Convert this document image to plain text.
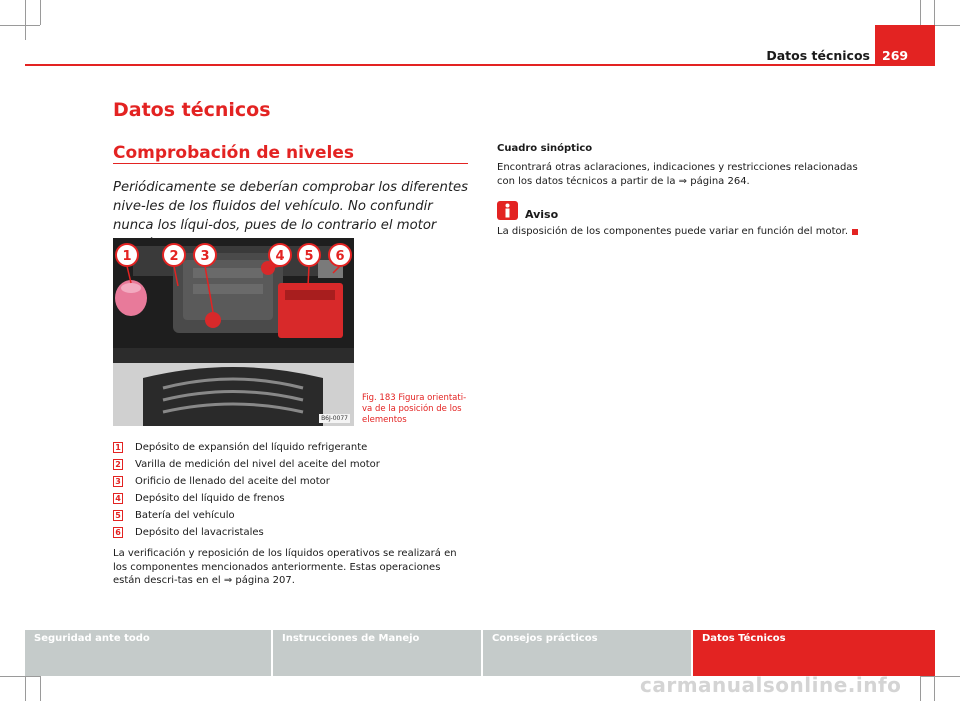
Datos técnicos 269
Datos técnicos
Comprobación de niveles

Periódicamente se deberían comprobar los diferentes nive-les de los fluidos del vehículo. No confundir nunca los líqui-dos, pues de lo contrario el motor

1	2 3	4 5 6
B6J-0077
Fig. 183 Figura orientati-va de la posición de los elementos
1 Depósito de expansión del líquido refrigerante
2 Varilla de medición del nivel del aceite del motor
3 Orificio de llenado del aceite del motor
4 Depósito del líquido de frenos
5 Batería del vehículo
6 Depósito del lavacristales

La verificación y reposición de los líquidos operativos se realizará en los componentes mencionados anteriormente. Estas operaciones están descri-tas en el ⇒ página 207.

Cuadro sinóptico

Encontrará otras aclaraciones, indicaciones y restricciones relacionadas con los datos técnicos a partir de la ⇒ página 264.

Aviso
La disposición de los componentes puede variar en función del motor.
Seguridad ante todo	Instrucciones de Manejo	Consejos prácticos	Datos Técnicos
carmanualsonline.info
